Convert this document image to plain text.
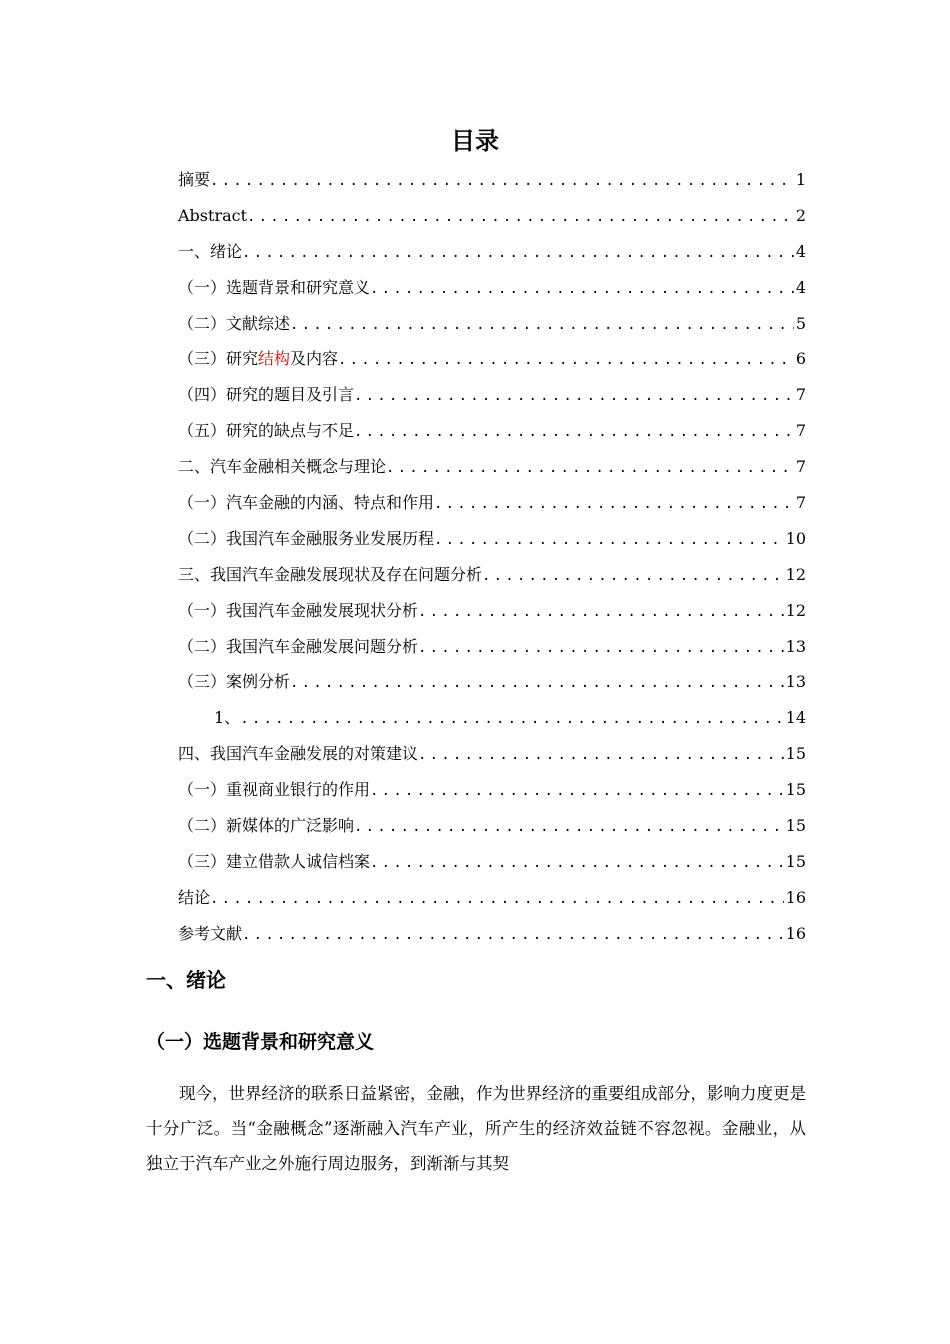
目录
摘要 .....	1
Abstract .....	2
一、绪论 .....	4
（一）选题背景和研究意义 .....	4
（二）文献综述 .....	5
（三）研究结构及内容 .....	6
（四）研究的题目及引言 .....	7
（五）研究的缺点与不足 .....	7
二、汽车金融相关概念与理论 .....	7
（一）汽车金融的内涵、特点和作用 .....	7
（二）我国汽车金融服务业发展历程 .....	10
三、我国汽车金融发展现状及存在问题分析 .....	12
（一）我国汽车金融发展现状分析 .....	12
（二）我国汽车金融发展问题分析 .....	13
（三）案例分析 .....	13
1、 .....	14
四、我国汽车金融发展的对策建议 .....	15
（一）重视商业银行的作用 .....	15
（二）新媒体的广泛影响 .....	15
（三）建立借款人诚信档案 .....	15
结论 .....	16
参考文献 .....	16
一、绪论
（一）选题背景和研究意义

现今，世界经济的联系日益紧密，金融，作为世界经济的重要组成部分，影响力度更是十分广泛。当“金融概念”逐渐融入汽车产业，所产生的经济效益链不容忽视。金融业，从独立于汽车产业之外施行周边服务，到渐渐与其契
